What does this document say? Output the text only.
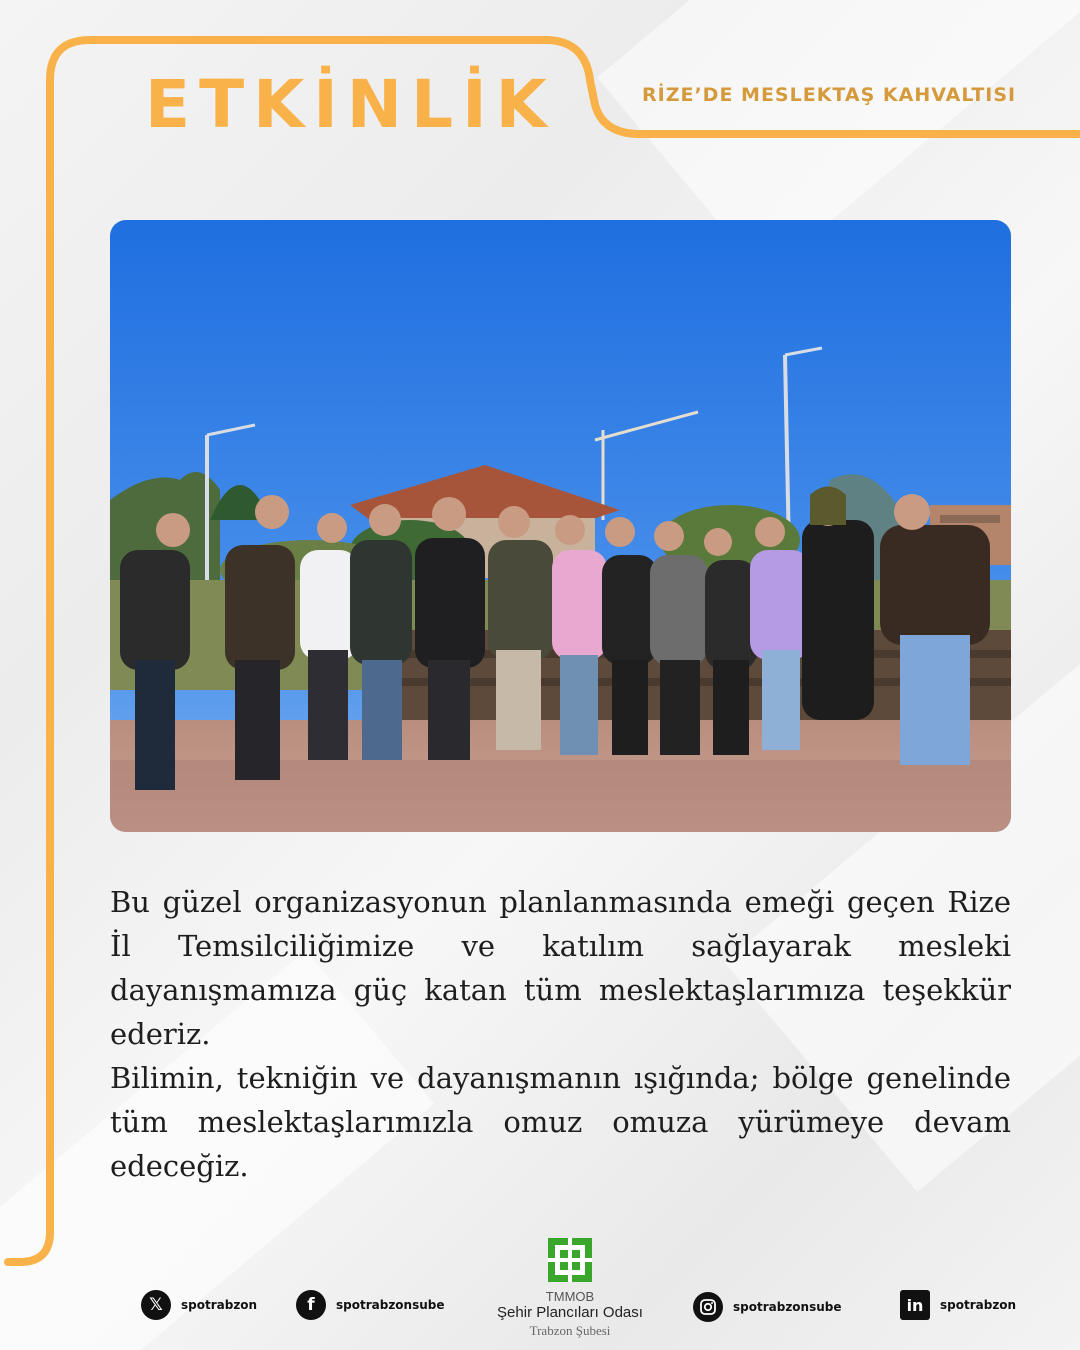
ETKİNLİK	RİZE’DE MESLEKTAŞ KAHVALTISI

Bu güzel organizasyonun planlanmasında emeği geçen Rize İl Temsilciliğimize ve katılım sağlayarak mesleki dayanışmamıza güç katan tüm meslektaşlarımıza teşekkür ederiz.

Bilimin, tekniğin ve dayanışmanın ışığında; bölge genelinde tüm meslektaşlarımızla omuz omuza yürümeye devam edeceğiz.

𝕏	spotrabzon	f	spotrabzonsube
TMMOB
Şehir Plancıları Odası
Trabzon Şubesi
spotrabzonsube	in	spotrabzon
